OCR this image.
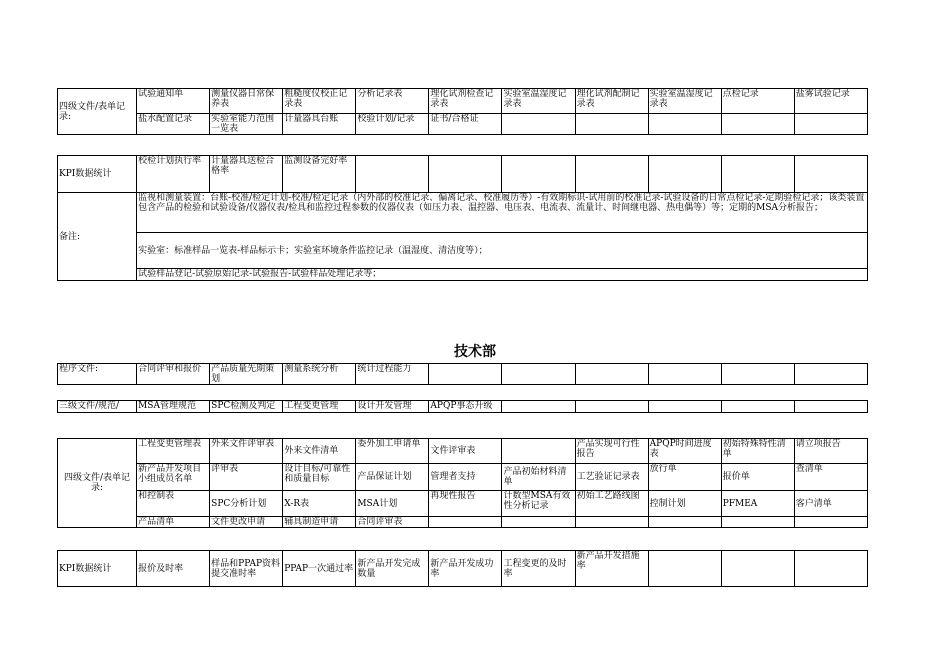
四级文件/表单记录:	试验通知单	测量仪器日常保养表	粗糙度仪校正记录表	分析记录表	理化试剂检查记录表	实验室温湿度记录表	理化试剂配制记录表	实验室温湿度记录表	点检记录	盐雾试验记录
	盐水配置记录	实验室能力范围一览表	计量器具台账	校验计划/记录	证书/合格证					
KPI数据统计	校检计划执行率	计量器具送检合格率	监测设备完好率							
备注:	监视和测量装置：台账-校准/检定计划-校准/检定记录（内外部的校准记录、偏离记录、校准履历等）-有效期标识-试用前的校准记录-试验设备的日常点检记录-定期验检记录；该类装置包含产品的检验和试验设备/仪器仪表/检具和监控过程参数的仪器仪表（如压力表、温控器、电压表、电流表、流量计、时间继电器、热电偶等）等；定期的MSA分析报告；									
	实验室：标准样品一览表-样品标示卡；实验室环境条件监控记录（温湿度、清洁度等）；									
	试验样品登记-试验原始记录-试验报告-试验样品处理记录等；									
技术部
程序文件:	合同评审和报价	产品质量先期策划	测量系统分析	统计过程能力						
三级文件/规范/	MSA管理规范	SPC检测及判定	工程变更管理	设计开发管理	APQP事态升级					
四级文件/表单记录:	工程变更管理表	外来文件评审表	外来文件清单	委外加工申请单	文件评审表		产品实现可行性报告	APQP时间进度表	初始特殊特性清单	请立项报告
	新产品开发项目小组成员名单	评审表	设计目标/可靠性和质量目标	产品保证计划	管理者支持	产品初始材料清单	工艺验证记录表	放行单	报价单	查清单
	和控制表	SPC分析计划	X-R表	MSA计划	再现性报告	计数型MSA有效性分析记录	初始工艺路线图	控制计划	PFMEA	客户清单
	产品清单	文件更改申请	辅具制造申请	合同评审表						
KPI数据统计	报价及时率	样品和PPAP资料提交准时率	PPAP一次通过率	新产品开发完成数量	新产品开发成功率	工程变更的及时率	新产品开发措施率			
